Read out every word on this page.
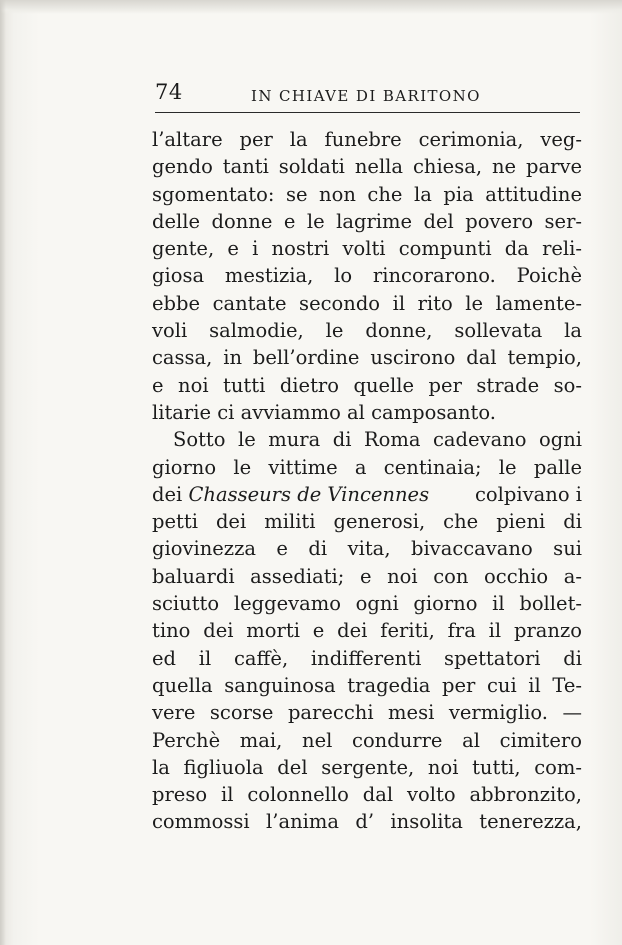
74	IN CHIAVE DI BARITONO
l’altare per la funebre cerimonia, veg-
gendo tanti soldati nella chiesa, ne parve
sgomentato: se non che la pia attitudine
delle donne e le lagrime del povero ser-
gente, e i nostri volti compunti da reli-
giosa mestizia, lo rincorarono. Poichè
ebbe cantate secondo il rito le lamente-
voli salmodie, le donne, sollevata la
cassa, in bell’ordine uscirono dal tempio,
e noi tutti dietro quelle per strade so-
litarie ci avviammo al camposanto.
Sotto le mura di Roma cadevano ogni
giorno le vittime a centinaia; le palle
dei Chasseurs de Vincennes colpivano i
petti dei militi generosi, che pieni di
giovinezza e di vita, bivaccavano sui
baluardi assediati; e noi con occhio a-
sciutto leggevamo ogni giorno il bollet-
tino dei morti e dei feriti, fra il pranzo
ed il caffè, indifferenti spettatori di
quella sanguinosa tragedia per cui il Te-
vere scorse parecchi mesi vermiglio. —
Perchè mai, nel condurre al cimitero
la figliuola del sergente, noi tutti, com-
preso il colonnello dal volto abbronzito,
commossi l’anima d’ insolita tenerezza,
